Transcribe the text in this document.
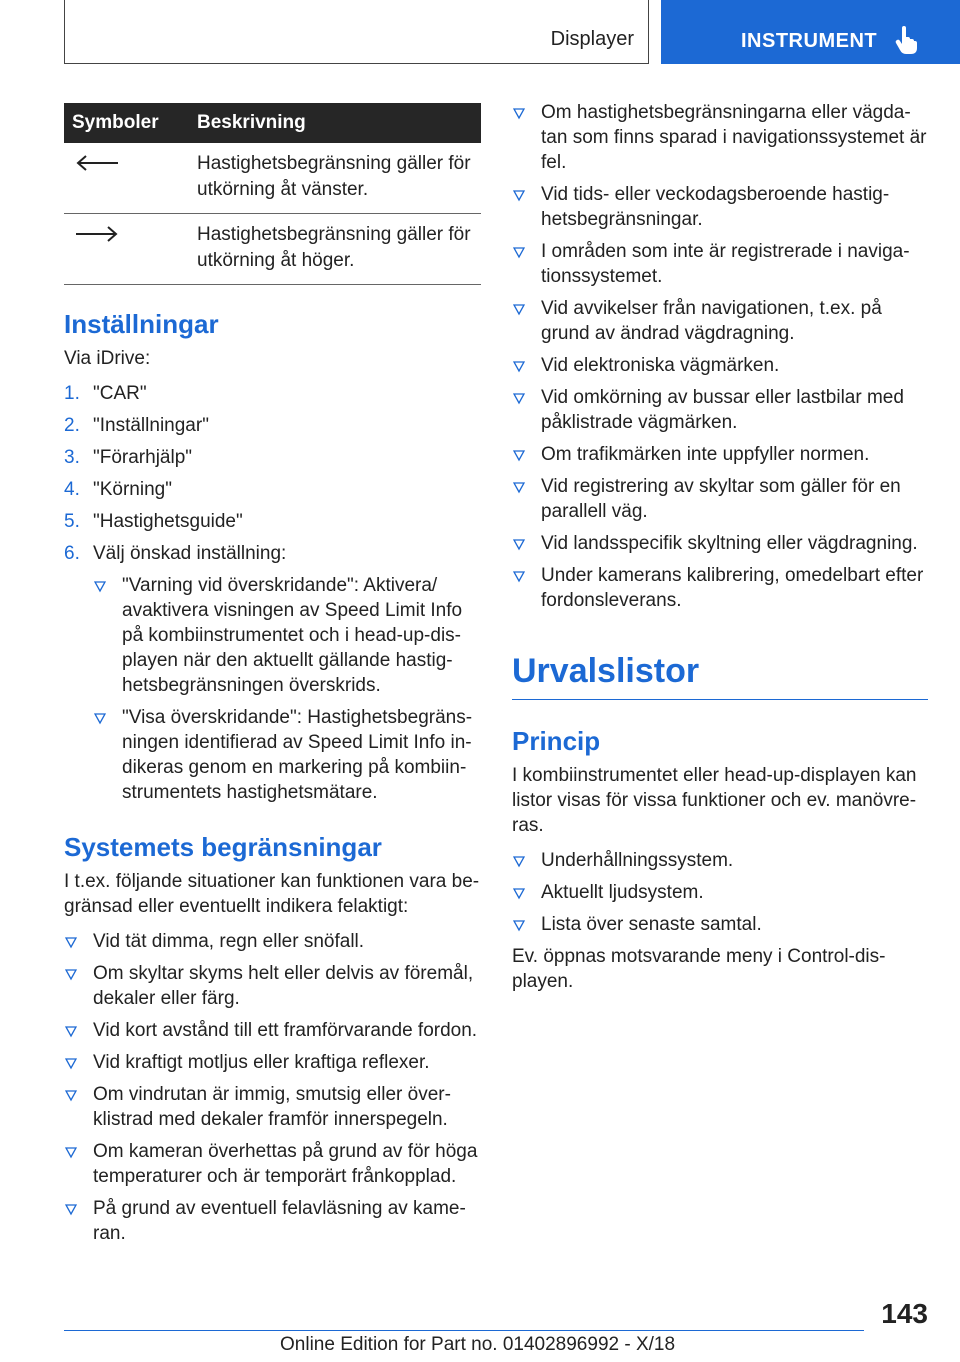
Displayer	INSTRUMENT
Symboler	Beskrivning
	Hastighetsbegränsning gäller för utkörning åt vänster.
	Hastighetsbegränsning gäller för utkörning åt höger.
Inställningar
Via iDrive:
1. "CAR"
2. "Inställningar"
3. "Förarhjälp"
4. "Körning"
5. "Hastighetsguide"
6. Välj önskad inställning:
"Varning vid överskridande": Aktivera/ avaktivera visningen av Speed Limit Info på kombiinstrumentet och i head-up-dis- playen när den aktuellt gällande hastig- hetsbegränsningen överskrids.
"Visa överskridande": Hastighetsbegräns- ningen identifierad av Speed Limit Info in- dikeras genom en markering på kombiin- strumentets hastighetsmätare.
Systemets begränsningar
I t.ex. följande situationer kan funktionen vara be- gränsad eller eventuellt indikera felaktigt:
Vid tät dimma, regn eller snöfall.
Om skyltar skyms helt eller delvis av föremål, dekaler eller färg.
Vid kort avstånd till ett framförvarande fordon.
Vid kraftigt motljus eller kraftiga reflexer.
Om vindrutan är immig, smutsig eller över- klistrad med dekaler framför innerspegeln.
Om kameran överhettas på grund av för höga temperaturer och är temporärt frånkopplad.
På grund av eventuell felavläsning av kame- ran.
Om hastighetsbegränsningarna eller vägda- tan som finns sparad i navigationssystemet är fel.
Vid tids- eller veckodagsberoende hastig- hetsbegränsningar.
I områden som inte är registrerade i naviga- tionssystemet.
Vid avvikelser från navigationen, t.ex. på grund av ändrad vägdragning.
Vid elektroniska vägmärken.
Vid omkörning av bussar eller lastbilar med påklistrade vägmärken.
Om trafikmärken inte uppfyller normen.
Vid registrering av skyltar som gäller för en parallell väg.
Vid landsspecifik skyltning eller vägdragning.
Under kamerans kalibrering, omedelbart efter fordonsleverans.
Urvalslistor
Princip
I kombiinstrumentet eller head-up-displayen kan listor visas för vissa funktioner och ev. manövre- ras.
Underhållningssystem.
Aktuellt ljudsystem.
Lista över senaste samtal.
Ev. öppnas motsvarande meny i Control-dis- playen.
143
Online Edition for Part no. 01402896992 - X/18
